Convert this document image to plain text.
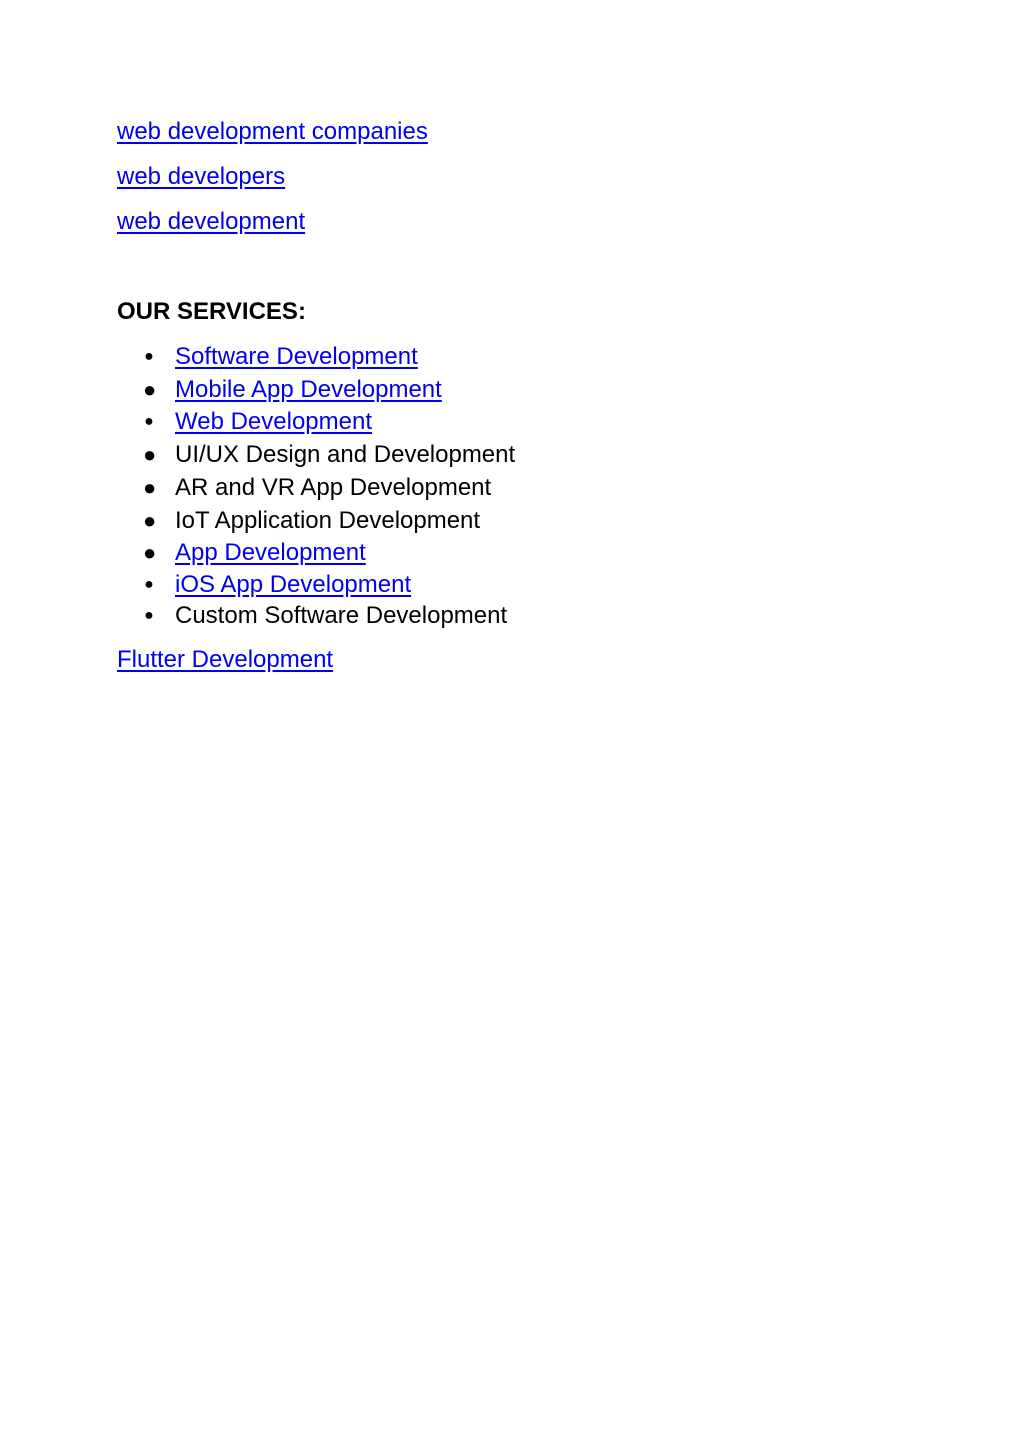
web development companies
web developers
web development
OUR SERVICES:
● Software Development
● Mobile App Development
● Web Development
● UI/UX Design and Development
● AR and VR App Development
● IoT Application Development
● App Development
● iOS App Development
● Custom Software Development
Flutter Development
